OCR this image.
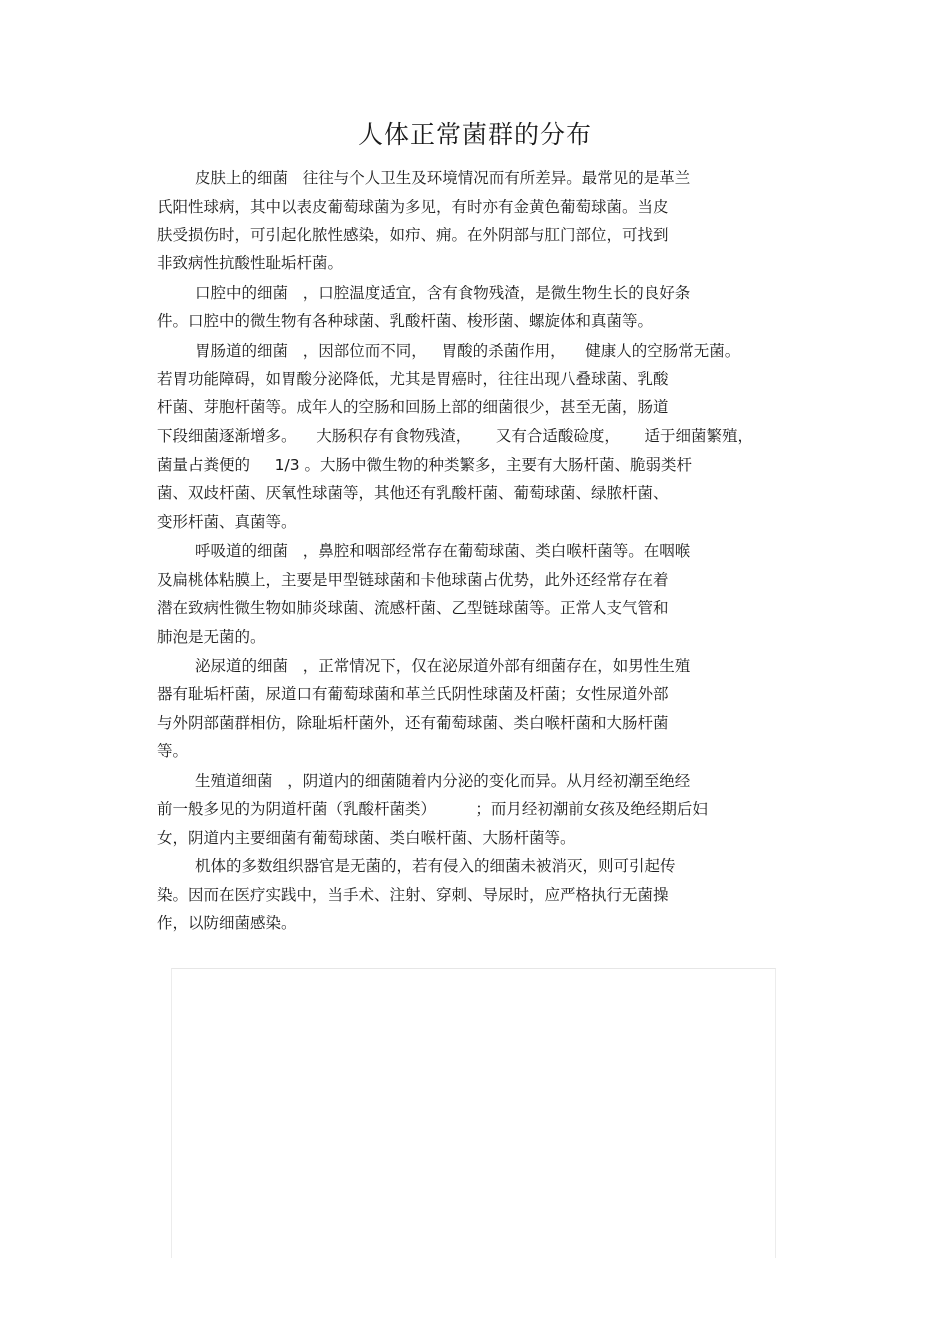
人体正常菌群的分布
皮肤上的细菌   往往与个人卫生及环境情况而有所差异。最常见的是革兰
氏阳性球病，其中以表皮葡萄球菌为多见，有时亦有金黄色葡萄球菌。当皮
肤受损伤时，可引起化脓性感染，如疖、痈。在外阴部与肛门部位，可找到
非致病性抗酸性耻垢杆菌。
口腔中的细菌   ，口腔温度适宜，含有食物残渣，是微生物生长的良好条
件。口腔中的微生物有各种球菌、乳酸杆菌、梭形菌、螺旋体和真菌等。
胃肠道的细菌   ，因部位而不同，   胃酸的杀菌作用，    健康人的空肠常无菌。
若胃功能障碍，如胃酸分泌降低，尤其是胃癌时，往往出现八叠球菌、乳酸
杆菌、芽胞杆菌等。成年人的空肠和回肠上部的细菌很少，甚至无菌，肠道
下段细菌逐渐增多。    大肠积存有食物残渣，     又有合适酸硷度，     适于细菌繁殖，
菌量占粪便的     1/3 。大肠中微生物的种类繁多，主要有大肠杆菌、脆弱类杆
菌、双歧杆菌、厌氧性球菌等，其他还有乳酸杆菌、葡萄球菌、绿脓杆菌、
变形杆菌、真菌等。
呼吸道的细菌   ，鼻腔和咽部经常存在葡萄球菌、类白喉杆菌等。在咽喉
及扁桃体粘膜上，主要是甲型链球菌和卡他球菌占优势，此外还经常存在着
潜在致病性微生物如肺炎球菌、流感杆菌、乙型链球菌等。正常人支气管和
肺泡是无菌的。
泌尿道的细菌   ，正常情况下，仅在泌尿道外部有细菌存在，如男性生殖
器有耻垢杆菌，尿道口有葡萄球菌和革兰氏阴性球菌及杆菌；女性尿道外部
与外阴部菌群相仿，除耻垢杆菌外，还有葡萄球菌、类白喉杆菌和大肠杆菌
等。
生殖道细菌   ，阴道内的细菌随着内分泌的变化而异。从月经初潮至绝经
前一般多见的为阴道杆菌（乳酸杆菌类）        ；而月经初潮前女孩及绝经期后妇
女，阴道内主要细菌有葡萄球菌、类白喉杆菌、大肠杆菌等。
机体的多数组织器官是无菌的，若有侵入的细菌未被消灭，则可引起传
染。因而在医疗实践中，当手术、注射、穿刺、导尿时，应严格执行无菌操
作，以防细菌感染。
